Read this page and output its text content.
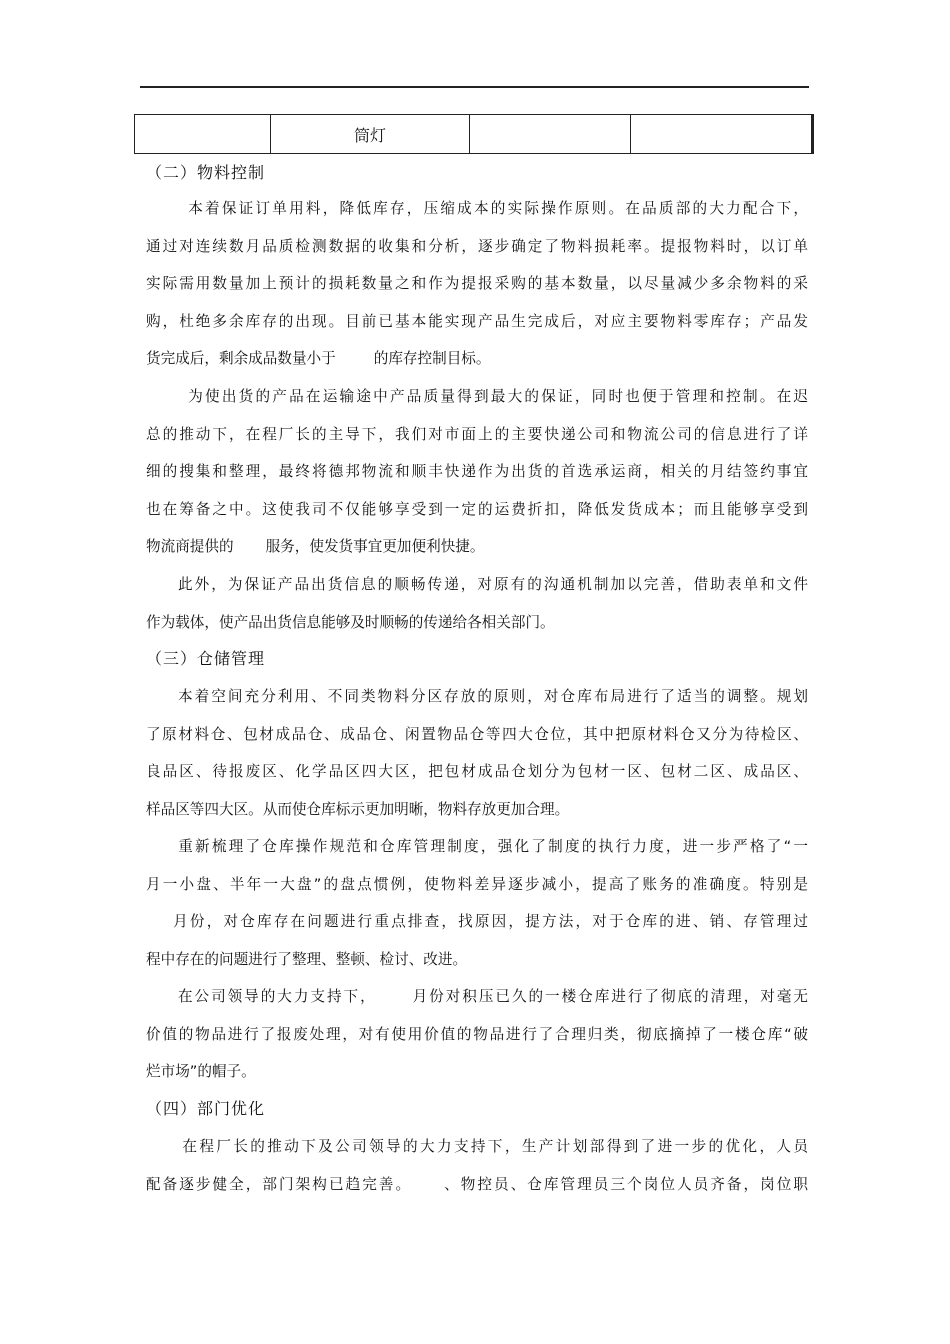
	筒灯		
（二）物料控制
本着保证订单用料，降低库存，压缩成本的实际操作原则。在品质部的大力配合下，
通过对连续数月品质检测数据的收集和分析，逐步确定了物料损耗率。提报物料时，以订单
实际需用数量加上预计的损耗数量之和作为提报采购的基本数量，以尽量减少多余物料的采
购，杜绝多余库存的出现。目前已基本能实现产品生完成后，对应主要物料零库存；产品发
货完成后，剩余成品数量小于	的库存控制目标。
为使出货的产品在运输途中产品质量得到最大的保证，同时也便于管理和控制。在迟
总的推动下，在程厂长的主导下，我们对市面上的主要快递公司和物流公司的信息进行了详
细的搜集和整理，最终将德邦物流和顺丰快递作为出货的首选承运商，相关的月结签约事宜
也在筹备之中。这使我司不仅能够享受到一定的运费折扣，降低发货成本；而且能够享受到
物流商提供的 服务，使发货事宜更加便利快捷。
此外，为保证产品出货信息的顺畅传递，对原有的沟通机制加以完善，借助表单和文件
作为载体，使产品出货信息能够及时顺畅的传递给各相关部门。
（三）仓储管理
本着空间充分利用、不同类物料分区存放的原则，对仓库布局进行了适当的调整。规划
了原材料仓、包材成品仓、成品仓、闲置物品仓等四大仓位，其中把原材料仓又分为待检区、
良品区、待报废区、化学品区四大区，把包材成品仓划分为包材一区、包材二区、成品区、
样品区等四大区。从而使仓库标示更加明晰，物料存放更加合理。
重新梳理了仓库操作规范和仓库管理制度，强化了制度的执行力度，进一步严格了“一
月一小盘、半年一大盘”的盘点惯例，使物料差异逐步减小，提高了账务的准确度。特别是
月份，对仓库存在问题进行重点排查，找原因，提方法，对于仓库的进、销、存管理过
程中存在的问题进行了整理、整顿、检讨、改进。
在公司领导的大力支持下， 月份对积压已久的一楼仓库进行了彻底的清理，对毫无
价值的物品进行了报废处理，对有使用价值的物品进行了合理归类，彻底摘掉了一楼仓库“破
烂市场”的帽子。
（四）部门优化
在程厂长的推动下及公司领导的大力支持下，生产计划部得到了进一步的优化，人员
配备逐步健全，部门架构已趋完善。 、物控员、仓库管理员三个岗位人员齐备，岗位职
